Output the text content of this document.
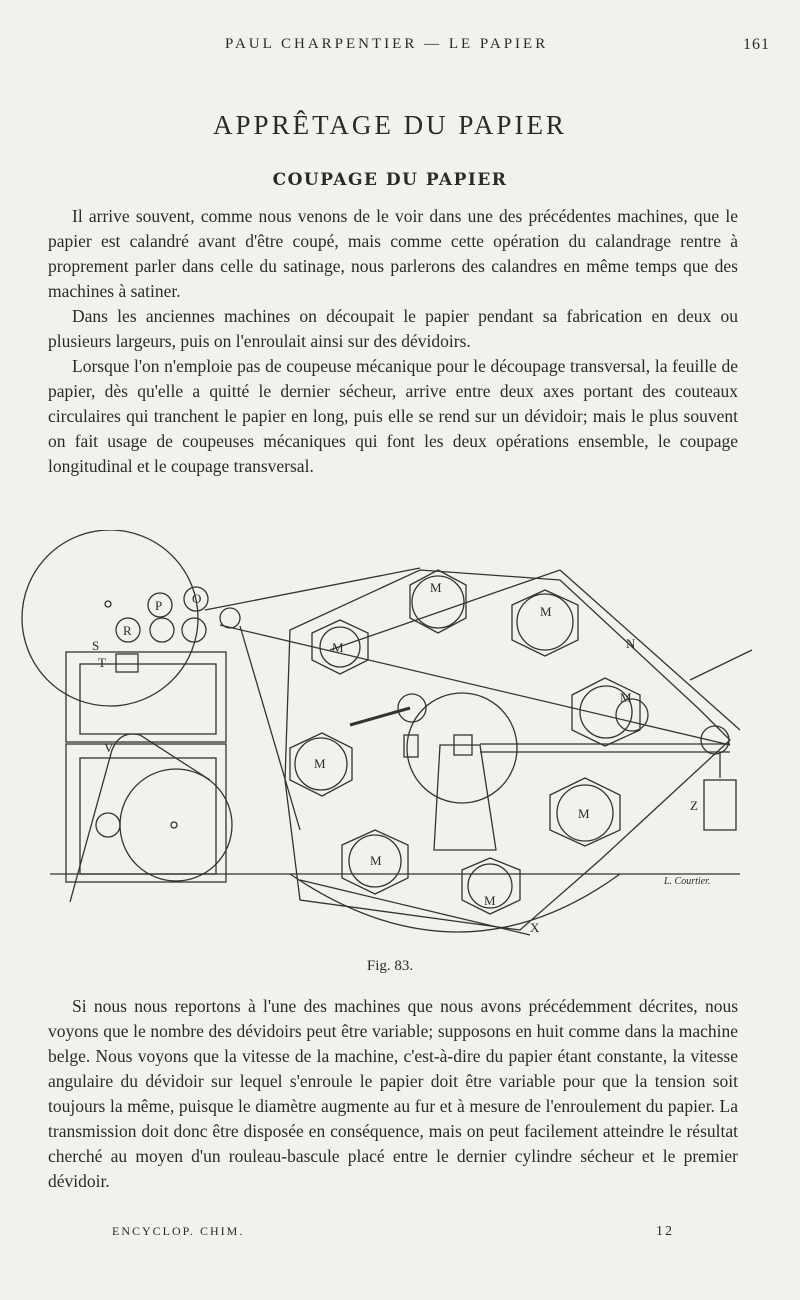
PAUL CHARPENTIER — LE PAPIER	161
APPRÊTAGE DU PAPIER
COUPAGE DU PAPIER

Il arrive souvent, comme nous venons de le voir dans une des précédentes machines, que le papier est calandré avant d'être coupé, mais comme cette opération du calandrage rentre à proprement parler dans celle du satinage, nous parlerons des calandres en même temps que des machines à satiner.

Dans les anciennes machines on découpait le papier pendant sa fabrication en deux ou plusieurs largeurs, puis on l'enroulait ainsi sur des dévidoirs.

Lorsque l'on n'emploie pas de coupeuse mécanique pour le découpage transversal, la feuille de papier, dès qu'elle a quitté le dernier sécheur, arrive entre deux axes portant des couteaux circulaires qui tranchent le papier en long, puis elle se rend sur un dévidoir; mais le plus souvent on fait usage de coupeuses mécaniques qui font les deux opérations ensemble, le coupage longitudinal et le coupage transversal.

P O
R
S
T
V
M
M
M
M
M
M
M
M
N
Z
X
L. Courtier.
Fig. 83.

Si nous nous reportons à l'une des machines que nous avons précédemment décrites, nous voyons que le nombre des dévidoirs peut être variable; supposons en huit comme dans la machine belge. Nous voyons que la vitesse de la machine, c'est-à-dire du papier étant constante, la vitesse angulaire du dévidoir sur lequel s'enroule le papier doit être variable pour que la tension soit toujours la même, puisque le diamètre augmente au fur et à mesure de l'enroulement du papier. La transmission doit donc être disposée en conséquence, mais on peut facilement atteindre le résultat cherché au moyen d'un rouleau-bascule placé entre le dernier cylindre sécheur et le premier dévidoir.

ENCYCLOP. CHIM.	12
